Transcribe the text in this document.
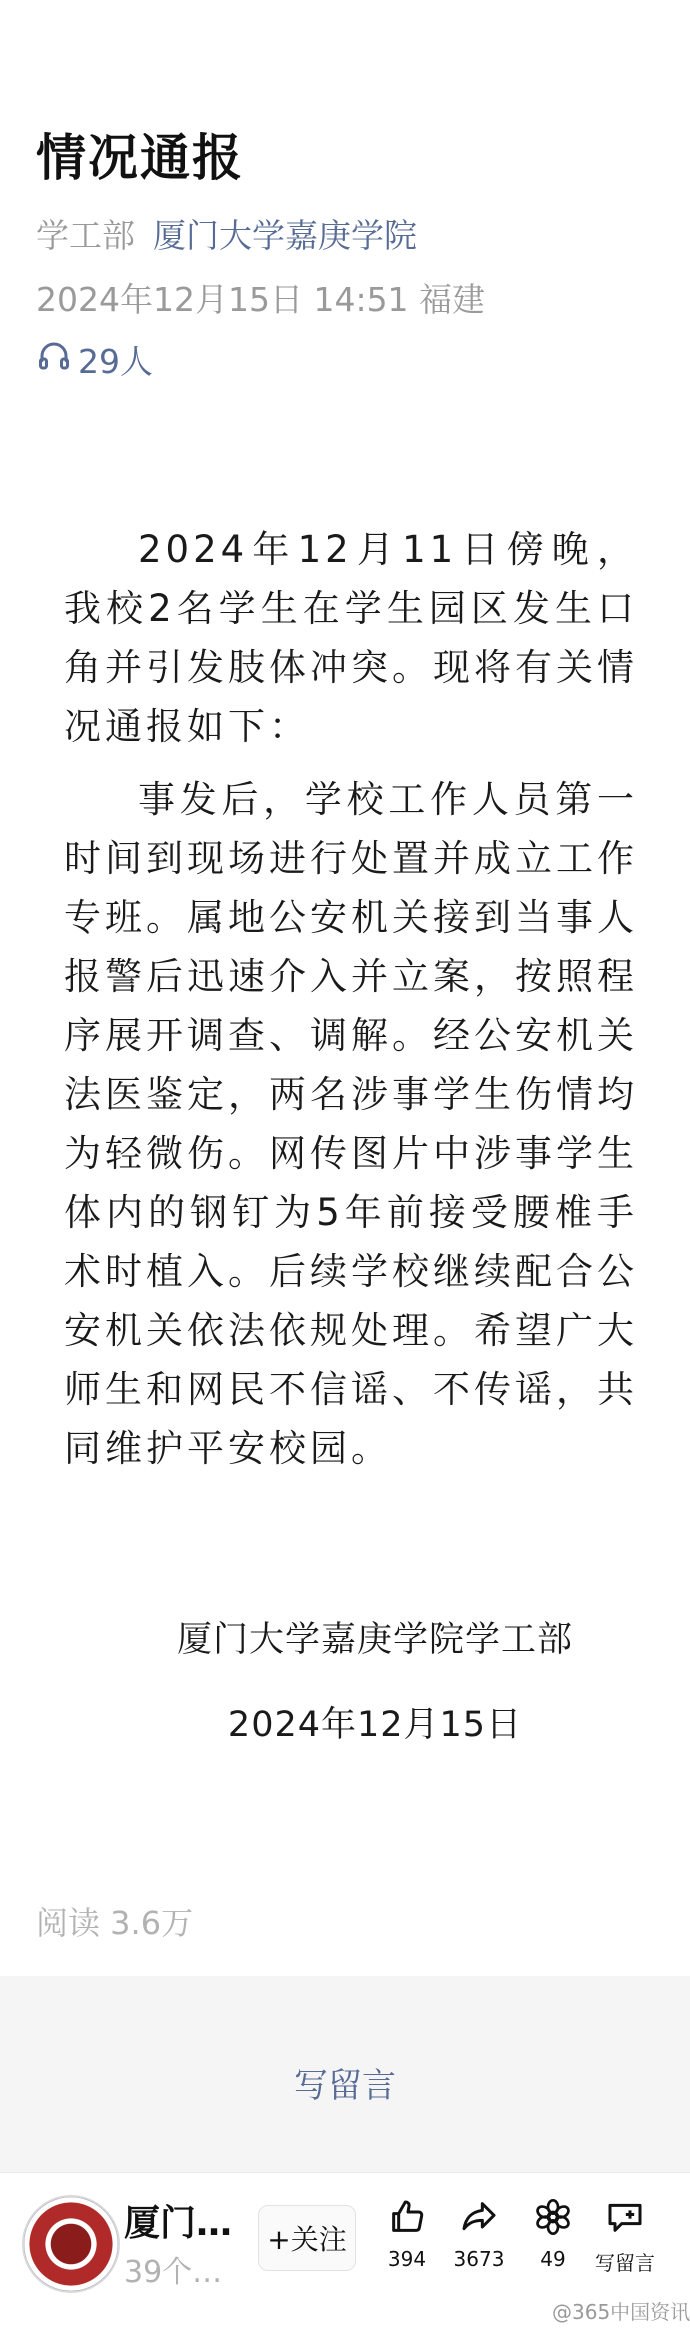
情况通报
学工部 厦门大学嘉庚学院
2024年12月15日 14:51 福建
29人

2024年12月11日傍晚，我校2名学生在学生园区发生口角并引发肢体冲突。现将有关情况通报如下：

事发后，学校工作人员第一时间到现场进行处置并成立工作专班。属地公安机关接到当事人报警后迅速介入并立案，按照程序展开调查、调解。经公安机关法医鉴定，两名涉事学生伤情均为轻微伤。网传图片中涉事学生体内的钢钉为5年前接受腰椎手术时植入。后续学校继续配合公安机关依法依规处理。希望广大师生和网民不信谣、不传谣，共同维护平安校园。

厦门大学嘉庚学院学工部
2024年12月15日
阅读 3.6万
写留言
厦门…
39个…
+关注
394	3673	49	写留言
@365中国资讯
